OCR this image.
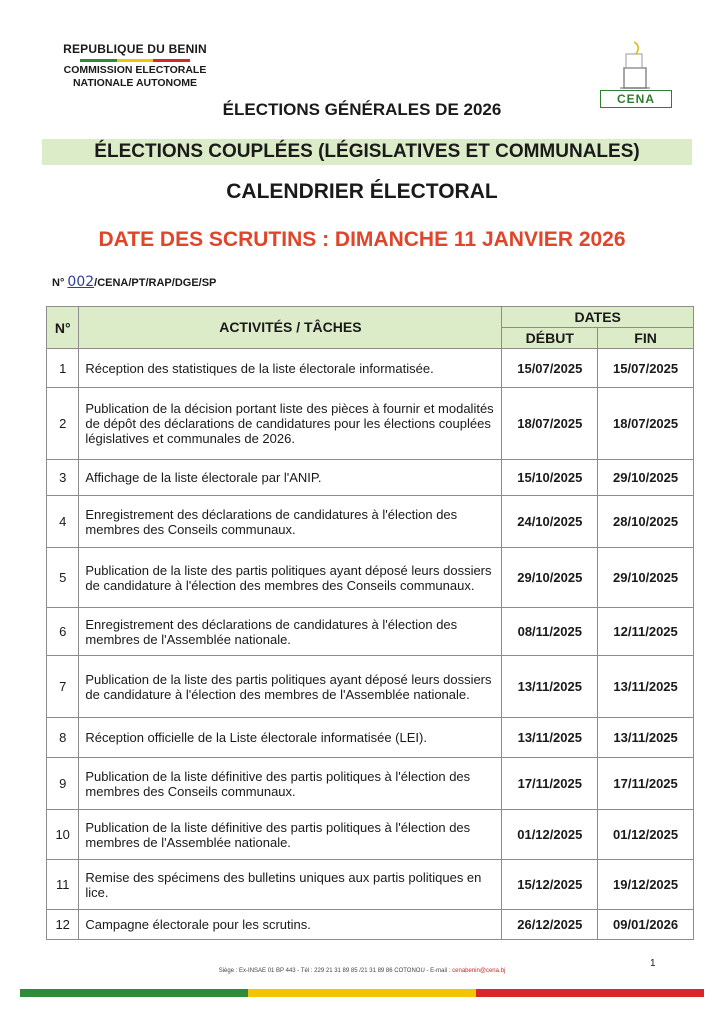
REPUBLIQUE DU BENIN
COMMISSION ELECTORALE
NATIONALE AUTONOME
CENA
ÉLECTIONS GÉNÉRALES DE 2026
ÉLECTIONS COUPLÉES (LÉGISLATIVES ET COMMUNALES)
CALENDRIER ÉLECTORAL
DATE DES SCRUTINS : DIMANCHE 11 JANVIER 2026
N° 002/CENA/PT/RAP/DGE/SP
N°	ACTIVITÉS / TÂCHES	DATES	
		DÉBUT	FIN
1	Réception des statistiques de la liste électorale informatisée.	15/07/2025	15/07/2025
2	Publication de la décision portant liste des pièces à fournir et modalités de dépôt des déclarations de candidatures pour les élections couplées législatives et communales de 2026.	18/07/2025	18/07/2025
3	Affichage de la liste électorale par l'ANIP.	15/10/2025	29/10/2025
4	Enregistrement des déclarations de candidatures à l'élection des membres des Conseils communaux.	24/10/2025	28/10/2025
5	Publication de la liste des partis politiques ayant déposé leurs dossiers de candidature à l'élection des membres des Conseils communaux.	29/10/2025	29/10/2025
6	Enregistrement des déclarations de candidatures à l'élection des membres de l'Assemblée nationale.	08/11/2025	12/11/2025
7	Publication de la liste des partis politiques ayant déposé leurs dossiers de candidature à l'élection des membres de l'Assemblée nationale.	13/11/2025	13/11/2025
8	Réception officielle de la Liste électorale informatisée (LEI).	13/11/2025	13/11/2025
9	Publication de la liste définitive des partis politiques à l'élection des membres des Conseils communaux.	17/11/2025	17/11/2025
10	Publication de la liste définitive des partis politiques à l'élection des membres de l'Assemblée nationale.	01/12/2025	01/12/2025
11	Remise des spécimens des bulletins uniques aux partis politiques en lice.	15/12/2025	19/12/2025
12	Campagne électorale pour les scrutins.	26/12/2025	09/01/2026
1
Siège : Ex-INSAE 01 BP 443 - Tél : 229 21 31 89 85 /21 31 89 86 COTONOU - E-mail : cenabenin@cena.bj
